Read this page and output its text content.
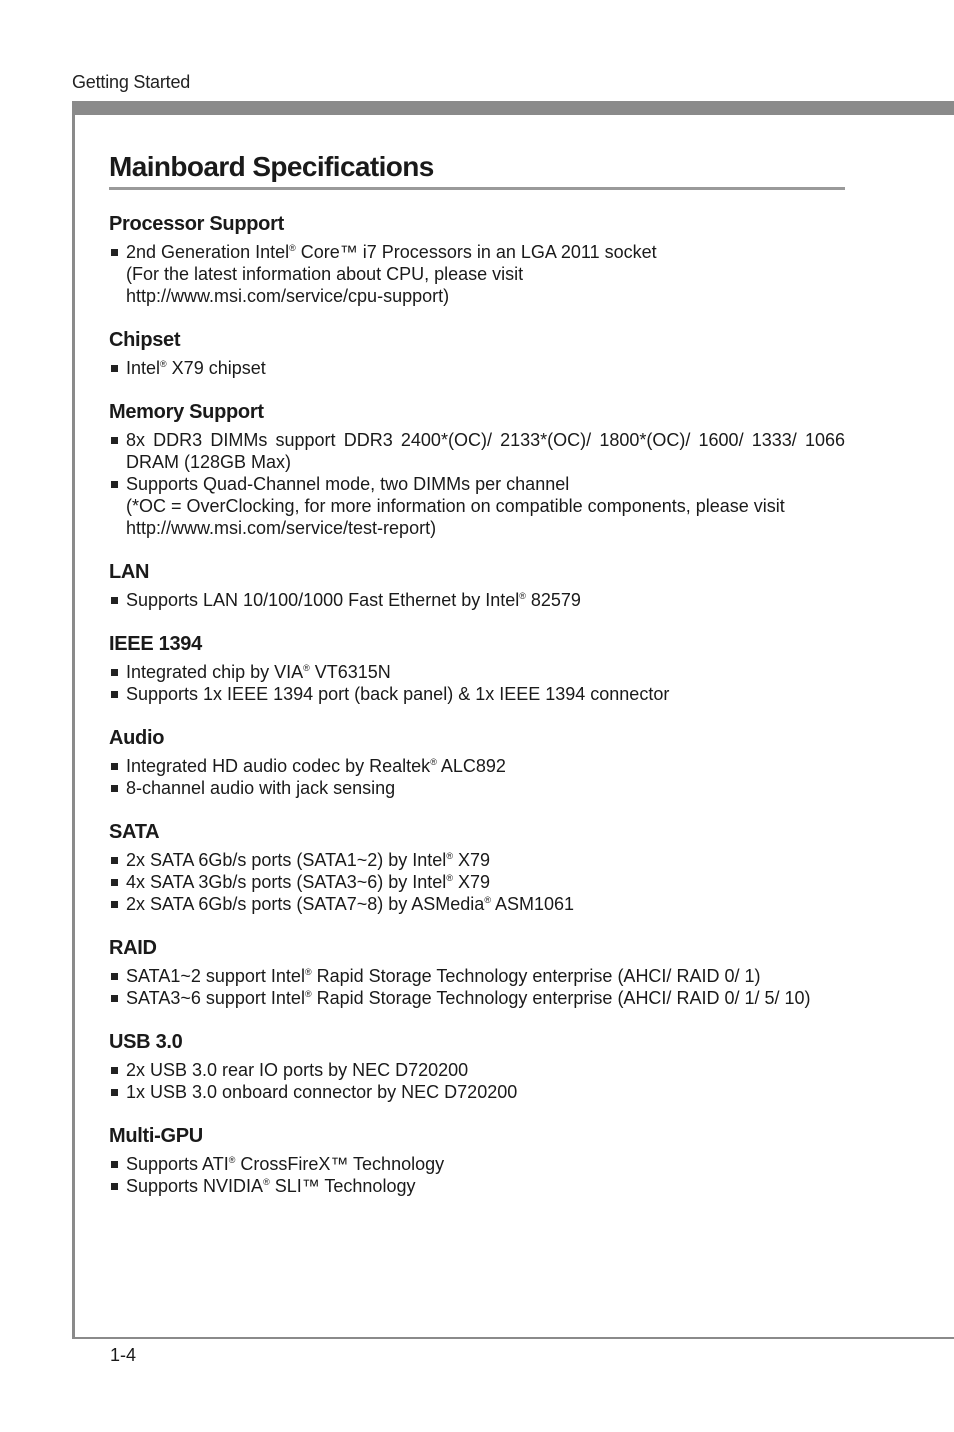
Getting Started
Mainboard Specifications
Processor Support
2nd Generation Intel® Core™ i7 Processors in an LGA 2011 socket
(For the latest information about CPU, please visit
http://www.msi.com/service/cpu-support)
Chipset
Intel® X79 chipset
Memory Support
8x DDR3 DIMMs support DDR3 2400*(OC)/ 2133*(OC)/ 1800*(OC)/ 1600/ 1333/ 1066 DRAM (128GB Max)
Supports Quad-Channel mode, two DIMMs per channel
(*OC = OverClocking, for more information on compatible components, please visit
http://www.msi.com/service/test-report)
LAN
Supports LAN 10/100/1000 Fast Ethernet by Intel® 82579
IEEE 1394
Integrated chip by VIA® VT6315N
Supports 1x IEEE 1394 port (back panel) & 1x IEEE 1394 connector
Audio
Integrated HD audio codec by Realtek® ALC892
8-channel audio with jack sensing
SATA
2x SATA 6Gb/s ports (SATA1~2) by Intel® X79
4x SATA 3Gb/s ports (SATA3~6) by Intel® X79
2x SATA 6Gb/s ports (SATA7~8) by ASMedia® ASM1061
RAID
SATA1~2 support Intel® Rapid Storage Technology enterprise (AHCI/ RAID 0/ 1)
SATA3~6 support Intel® Rapid Storage Technology enterprise (AHCI/ RAID 0/ 1/ 5/ 10)
USB 3.0
2x USB 3.0 rear IO ports by NEC D720200
1x USB 3.0 onboard connector by NEC D720200
Multi-GPU
Supports ATI® CrossFireX™ Technology
Supports NVIDIA® SLI™ Technology
1-4
